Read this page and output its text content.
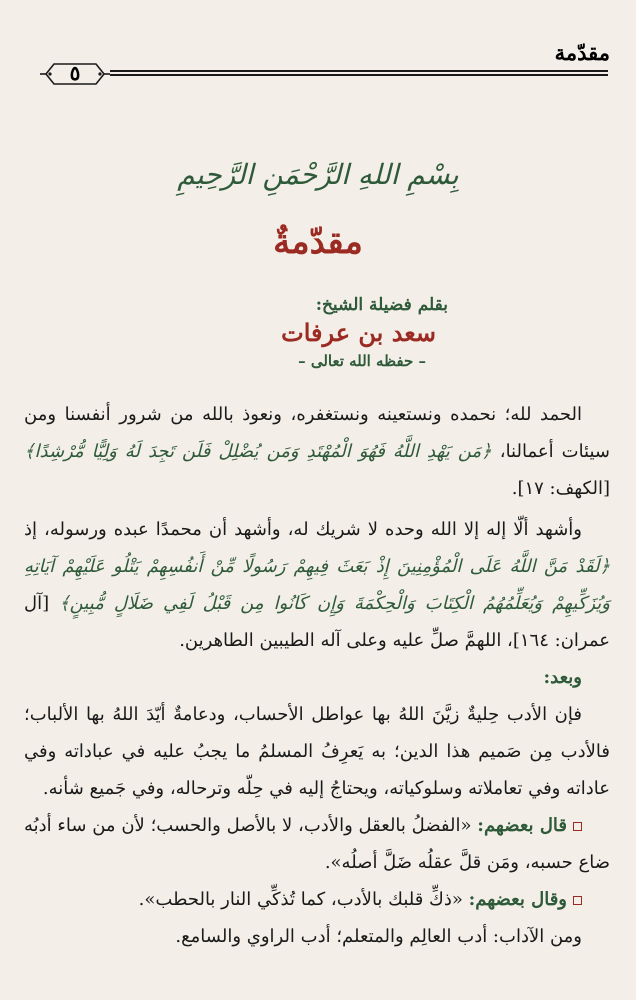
مقدّمة
٥
بِسْمِ اللهِ الرَّحْمَنِ الرَّحِيمِ
مقدّمةٌ
بقلم فضيلة الشيخ:
سعد بن عرفات
– حفظه الله تعالى –

الحمد لله؛ نحمده ونستعينه ونستغفره، ونعوذ بالله من شرور أنفسنا ومن سيئات أعمالنا، ﴿مَن يَهْدِ اللَّهُ فَهُوَ الْمُهْتَدِ وَمَن يُضْلِلْ فَلَن تَجِدَ لَهُ وَلِيًّا مُّرْشِدًا﴾ [الكهف: ١٧].

وأشهد ألّا إله إلا الله وحده لا شريك له، وأشهد أن محمدًا عبده ورسوله، إذ ﴿لَقَدْ مَنَّ اللَّهُ عَلَى الْمُؤْمِنِينَ إِذْ بَعَثَ فِيهِمْ رَسُولًا مِّنْ أَنفُسِهِمْ يَتْلُو عَلَيْهِمْ آيَاتِهِ وَيُزَكِّيهِمْ وَيُعَلِّمُهُمُ الْكِتَابَ وَالْحِكْمَةَ وَإِن كَانُوا مِن قَبْلُ لَفِي ضَلَالٍ مُّبِينٍ﴾ [آل عمران: ١٦٤]، اللهمَّ صلِّ عليه وعلى آله الطيبين الطاهرين.

وبعد:

فإن الأدب حِليةٌ زيَّنَ اللهُ بها عواطل الأحساب، ودعامةٌ أيّدَ اللهُ بها الألباب؛ فالأدب مِن صَميم هذا الدين؛ به يَعرِفُ المسلمُ ما يجبُ عليه في عباداته وفي عاداته وفي تعاملاته وسلوكياته، ويحتاجُ إليه في حِلّه وترحاله، وفي جَميع شأنه.

قال بعضهم: «الفضلُ بالعقل والأدب، لا بالأصل والحسب؛ لأن من ساء أدبُه ضاع حسبه، ومَن قلَّ عقلُه ضَلَّ أصلُه».

وقال بعضهم: «ذكِّ قلبك بالأدب، كما تُذكِّي النار بالحطب».

ومن الآداب: أدب العالِم والمتعلم؛ أدب الراوي والسامع.
